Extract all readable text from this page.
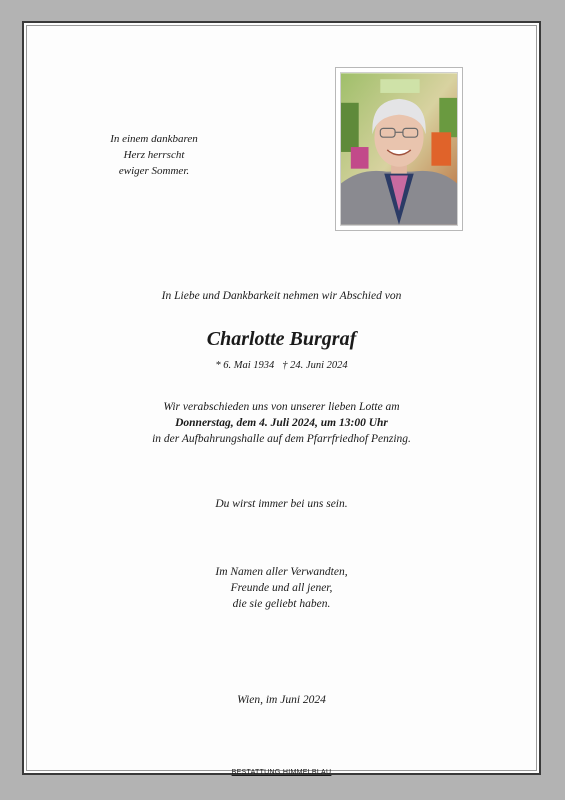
In einem dankbaren
Herz herrscht
ewiger Sommer.
In Liebe und Dankbarkeit nehmen wir Abschied von
Charlotte Burgraf
* 6. Mai 1934 † 24. Juni 2024
Wir verabschieden uns von unserer lieben Lotte am
Donnerstag, dem 4. Juli 2024, um 13:00 Uhr
in der Aufbahrungshalle auf dem Pfarrfriedhof Penzing.
Du wirst immer bei uns sein.
Im Namen aller Verwandten,
Freunde und all jener,
die sie geliebt haben.
Wien, im Juni 2024
BESTATTUNG HIMMELBLAU
